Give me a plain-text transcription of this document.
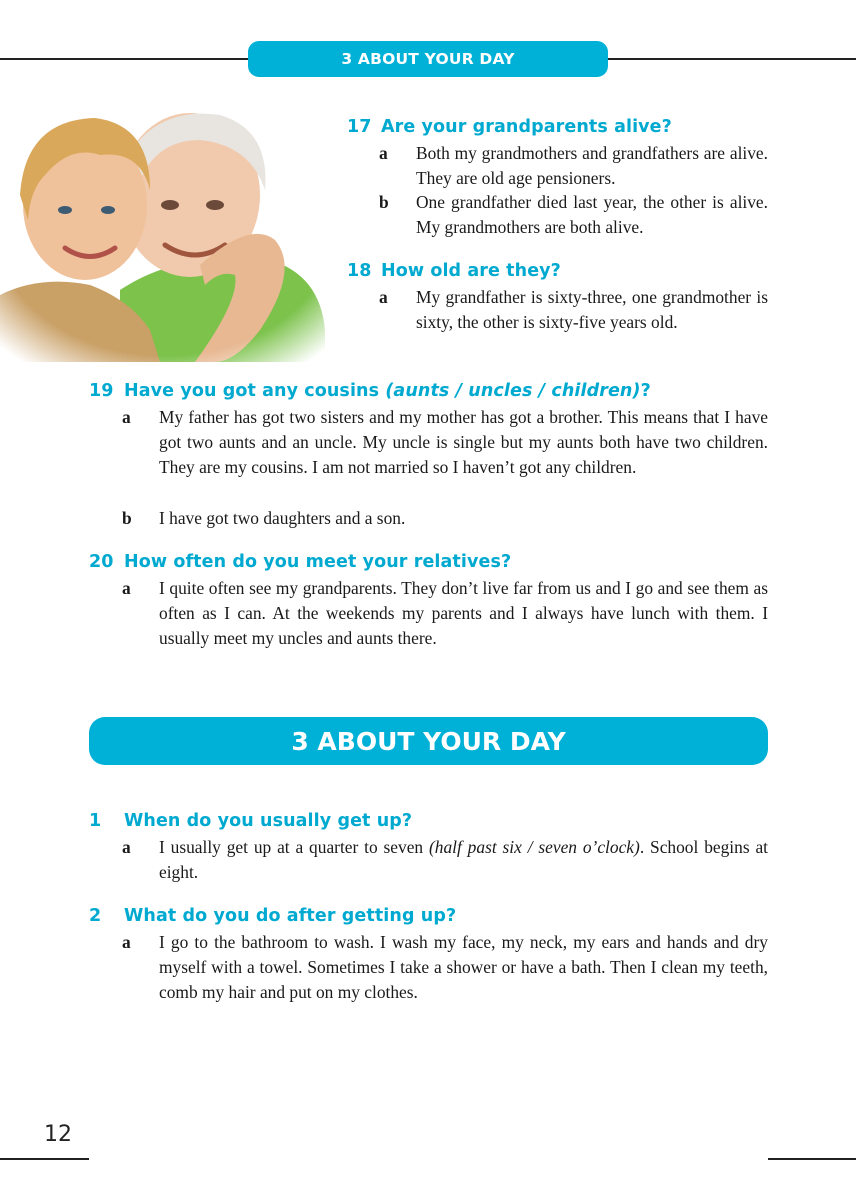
3 ABOUT YOUR DAY
17 Are your grandparents alive?
a Both my grandmothers and grandfathers are alive. They are old age pensioners.
b One grandfather died last year, the other is alive. My grandmothers are both alive.
18 How old are they?
a My grandfather is sixty-three, one grandmother is sixty, the other is sixty-five years old.
19 Have you got any cousins (aunts / uncles / children)?
a My father has got two sisters and my mother has got a brother. This means that I have got two aunts and an uncle. My uncle is single but my aunts both have two children. They are my cousins. I am not married so I haven’t got any children.
b I have got two daughters and a son.
20 How often do you meet your relatives?
a I quite often see my grandparents. They don’t live far from us and I go and see them as often as I can. At the weekends my parents and I always have lunch with them. I usually meet my uncles and aunts there.
3 ABOUT YOUR DAY
1 When do you usually get up?
a I usually get up at a quarter to seven (half past six / seven o’clock). School begins at eight.
2 What do you do after getting up?
a I go to the bathroom to wash. I wash my face, my neck, my ears and hands and dry myself with a towel. Sometimes I take a shower or have a bath. Then I clean my teeth, comb my hair and put on my clothes.
12
